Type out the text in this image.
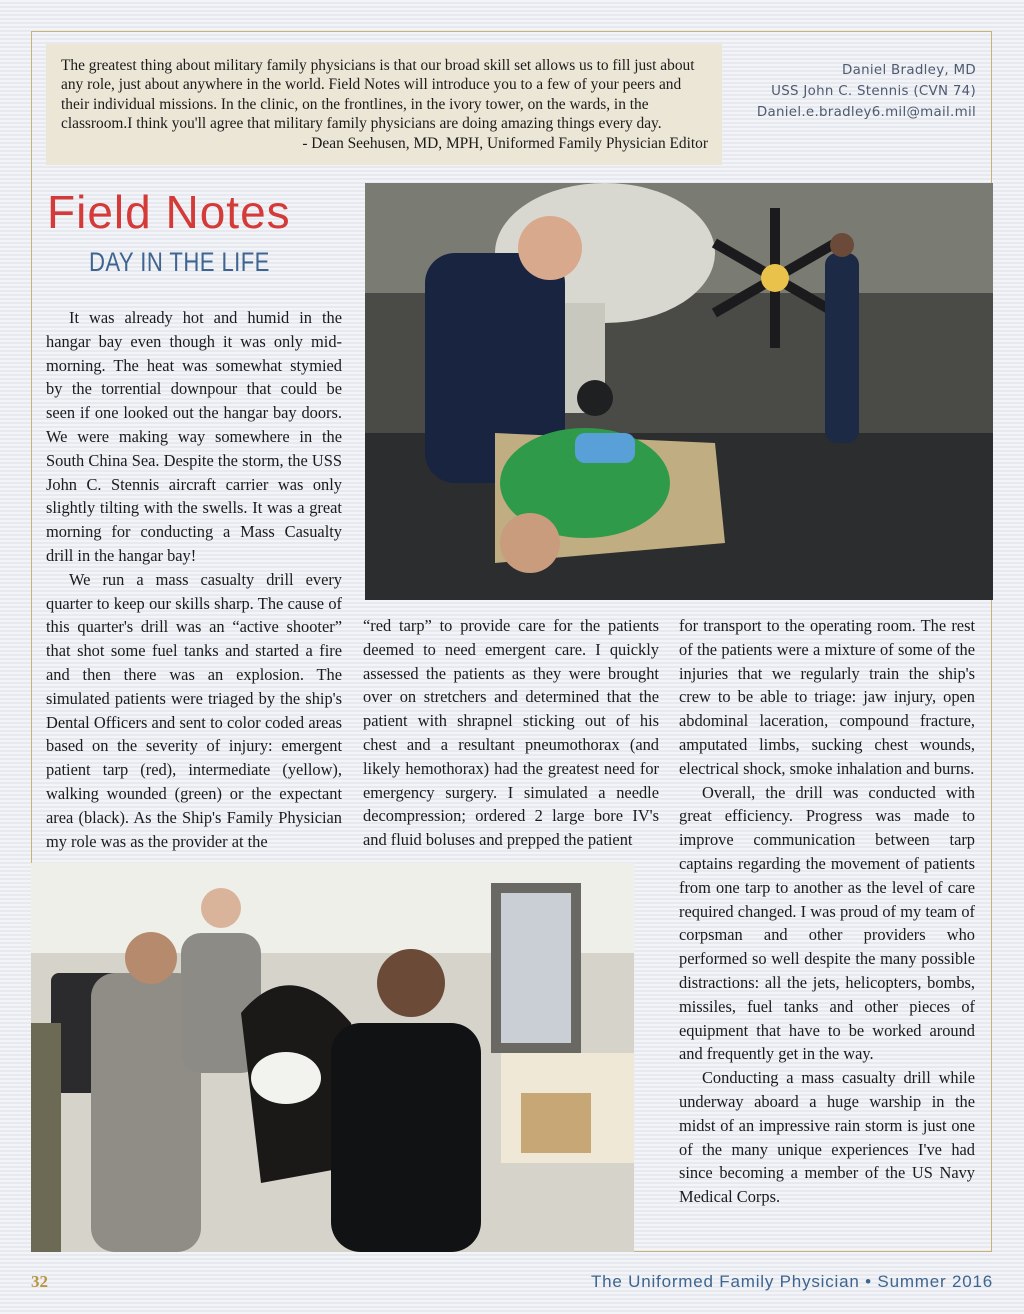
The greatest thing about military family physicians is that our broad skill set allows us to fill just about any role, just about anywhere in the world. Field Notes will introduce you to a few of your peers and their individual missions. In the clinic, on the frontlines, in the ivory tower, on the wards, in the classroom.I think you'll agree that military family physicians are doing amazing things every day.

- Dean Seehusen, MD, MPH, Uniformed Family Physician Editor

Daniel Bradley, MD
USS John C. Stennis (CVN 74)
Daniel.e.bradley6.mil@mail.mil
Field Notes
DAY IN THE LIFE

It was already hot and humid in the hangar bay even though it was only mid-morning. The heat was somewhat stymied by the torrential downpour that could be seen if one looked out the hangar bay doors. We were making way somewhere in the South China Sea. Despite the storm, the USS John C. Stennis aircraft carrier was only slightly tilting with the swells. It was a great morning for conducting a Mass Casualty drill in the hangar bay!

We run a mass casualty drill every quarter to keep our skills sharp. The cause of this quarter's drill was an “active shooter” that shot some fuel tanks and started a fire and then there was an explosion. The simulated patients were triaged by the ship's Dental Officers and sent to color coded areas based on the severity of injury: emergent patient tarp (red), intermediate (yellow), walking wounded (green) or the expectant area (black). As the Ship's Family Physician my role was as the provider at the

“red tarp” to provide care for the patients deemed to need emergent care. I quickly assessed the patients as they were brought over on stretchers and determined that the patient with shrapnel sticking out of his chest and a resultant pneumothorax (and likely hemothorax) had the greatest need for emergency surgery. I simulated a needle decompression; ordered 2 large bore IV's and fluid boluses and prepped the patient

for transport to the operating room. The rest of the patients were a mixture of some of the injuries that we regularly train the ship's crew to be able to triage: jaw injury, open abdominal laceration, compound fracture, amputated limbs, sucking chest wounds, electrical shock, smoke inhalation and burns.

Overall, the drill was conducted with great efficiency. Progress was made to improve communication between tarp captains regarding the movement of patients from one tarp to another as the level of care required changed. I was proud of my team of corpsman and other providers who performed so well despite the many possible distractions: all the jets, helicopters, bombs, missiles, fuel tanks and other pieces of equipment that have to be worked around and frequently get in the way.

Conducting a mass casualty drill while underway aboard a huge warship in the midst of an impressive rain storm is just one of the many unique experiences I've had since becoming a member of the US Navy Medical Corps.

32	The Uniformed Family Physician • Summer 2016
